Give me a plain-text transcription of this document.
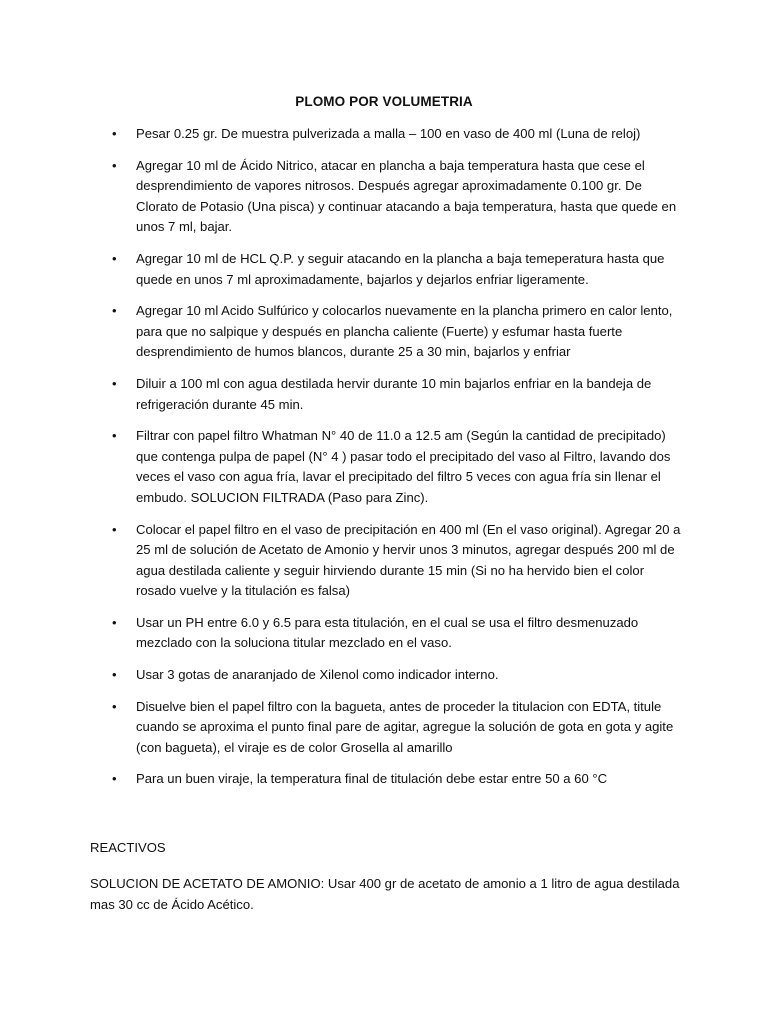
PLOMO POR VOLUMETRIA
• Pesar 0.25 gr. De muestra pulverizada a malla – 100 en vaso de 400 ml (Luna de reloj)
• Agregar 10 ml de Ácido Nitrico, atacar en plancha a baja temperatura hasta que cese el desprendimiento de vapores nitrosos. Después agregar aproximadamente 0.100 gr. De Clorato de Potasio (Una pisca) y continuar atacando a baja temperatura, hasta que quede en unos 7 ml, bajar.
• Agregar 10 ml de HCL Q.P. y seguir atacando en la plancha a baja temeperatura hasta que quede en unos 7 ml aproximadamente, bajarlos y dejarlos enfriar ligeramente.
• Agregar 10 ml Acido Sulfúrico y colocarlos nuevamente en la plancha primero en calor lento, para que no salpique y después en plancha caliente (Fuerte) y esfumar hasta fuerte desprendimiento de humos blancos, durante 25 a 30 min, bajarlos y enfriar
• Diluir a 100 ml con agua destilada hervir durante 10 min bajarlos enfriar en la bandeja de refrigeración durante 45 min.
• Filtrar con papel filtro Whatman N° 40 de 11.0 a 12.5 am (Según la cantidad de precipitado) que contenga pulpa de papel (N° 4 ) pasar todo el precipitado del vaso al Filtro, lavando dos veces el vaso con agua fría, lavar el precipitado del filtro 5 veces con agua fría sin llenar el embudo. SOLUCION FILTRADA (Paso para Zinc).
• Colocar el papel filtro en el vaso de precipitación en 400 ml (En el vaso original). Agregar 20 a 25 ml de solución de Acetato de Amonio y hervir unos 3 minutos, agregar después 200 ml de agua destilada caliente y seguir hirviendo durante 15 min (Si no ha hervido bien el color rosado vuelve y la titulación es falsa)
• Usar un PH entre 6.0 y 6.5 para esta titulación, en el cual se usa el filtro desmenuzado mezclado con la soluciona titular mezclado en el vaso.
• Usar 3 gotas de anaranjado de Xilenol como indicador interno.
• Disuelve bien el papel filtro con la bagueta, antes de proceder la titulacion con EDTA, titule cuando se aproxima el punto final pare de agitar, agregue la solución de gota en gota y agite (con bagueta), el viraje es de color Grosella al amarillo
• Para un buen viraje, la temperatura final de titulación debe estar entre 50 a 60 °C
REACTIVOS

SOLUCION DE ACETATO DE AMONIO: Usar 400 gr de acetato de amonio a 1 litro de agua destilada mas 30 cc de Ácido Acético.
